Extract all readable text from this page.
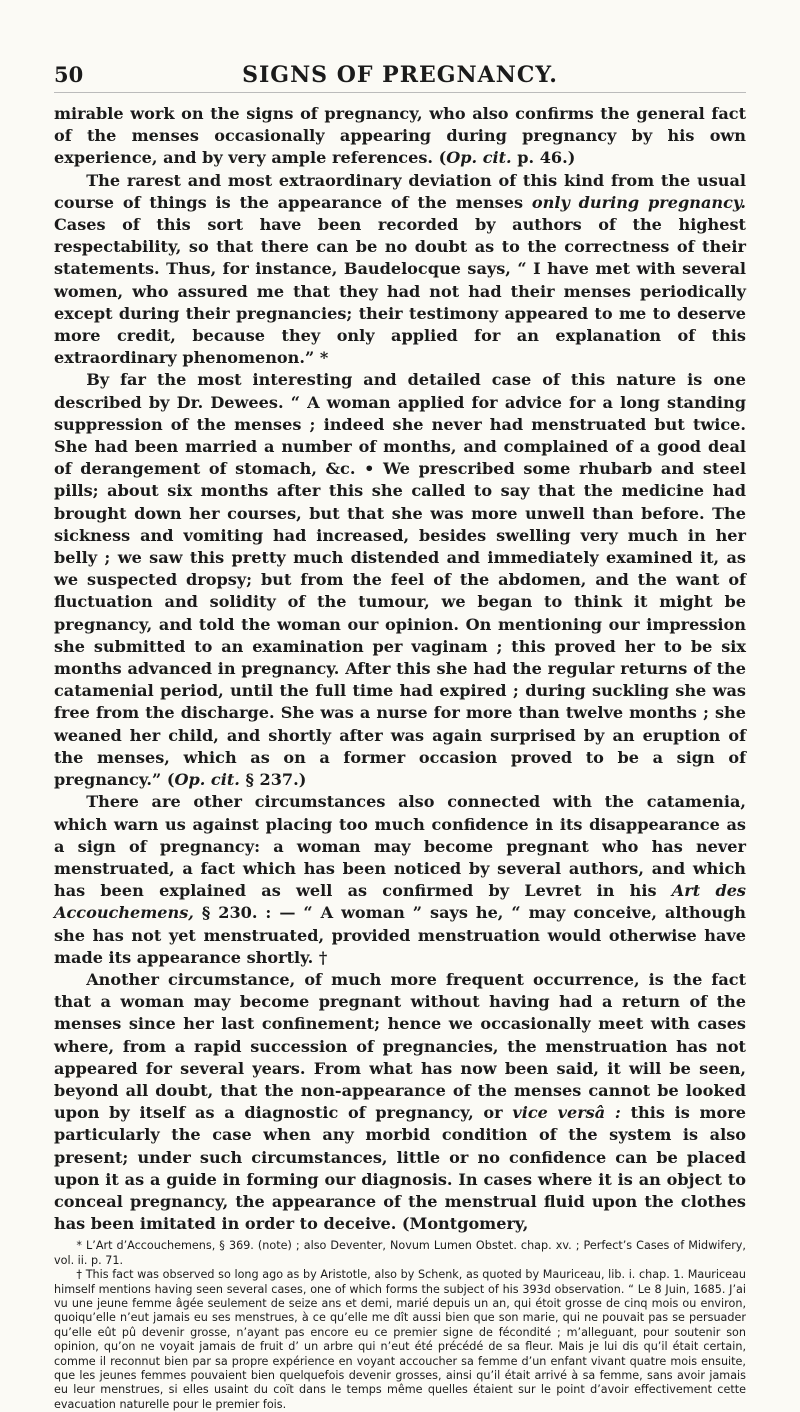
50	SIGNS OF PREGNANCY.

mirable work on the signs of pregnancy, who also confirms the general fact of the menses occasionally appearing during pregnancy by his own experience, and by very ample references. (Op. cit. p. 46.)

The rarest and most extraordinary deviation of this kind from the usual course of things is the appearance of the menses only during pregnancy. Cases of this sort have been recorded by authors of the highest respectability, so that there can be no doubt as to the correctness of their statements. Thus, for instance, Baudelocque says, “ I have met with several women, who assured me that they had not had their menses periodically except during their pregnancies; their testimony appeared to me to deserve more credit, because they only applied for an explanation of this extraordinary phenomenon.” *

By far the most interesting and detailed case of this nature is one described by Dr. Dewees. “ A woman applied for advice for a long standing suppression of the menses ; indeed she never had menstruated but twice. She had been married a number of months, and complained of a good deal of derangement of stomach, &c. • We prescribed some rhubarb and steel pills; about six months after this she called to say that the medicine had brought down her courses, but that she was more unwell than before. The sickness and vomiting had increased, besides swelling very much in her belly ; we saw this pretty much distended and immediately examined it, as we suspected dropsy; but from the feel of the abdomen, and the want of fluctuation and solidity of the tumour, we began to think it might be pregnancy, and told the woman our opinion. On mentioning our impression she submitted to an examination per vaginam ; this proved her to be six months advanced in pregnancy. After this she had the regular returns of the catamenial period, until the full time had expired ; during suckling she was free from the discharge. She was a nurse for more than twelve months ; she weaned her child, and shortly after was again surprised by an eruption of the menses, which as on a former occasion proved to be a sign of pregnancy.” (Op. cit. § 237.)

There are other circumstances also connected with the catamenia, which warn us against placing too much confidence in its disappearance as a sign of pregnancy: a woman may become pregnant who has never menstruated, a fact which has been noticed by several authors, and which has been explained as well as confirmed by Levret in his Art des Accouchemens, § 230. : — “ A woman ” says he, “ may conceive, although she has not yet menstruated, provided menstruation would otherwise have made its appearance shortly. †

Another circumstance, of much more frequent occurrence, is the fact that a woman may become pregnant without having had a return of the menses since her last confinement; hence we occasionally meet with cases where, from a rapid succession of pregnancies, the menstruation has not appeared for several years. From what has now been said, it will be seen, beyond all doubt, that the non-appearance of the menses cannot be looked upon by itself as a diagnostic of pregnancy, or vice versâ : this is more particularly the case when any morbid condition of the system is also present; under such circumstances, little or no confidence can be placed upon it as a guide in forming our diagnosis. In cases where it is an object to conceal pregnancy, the appearance of the menstrual fluid upon the clothes has been imitated in order to deceive. (Montgomery,

* L’Art d’Accouchemens, § 369. (note) ; also Deventer, Novum Lumen Obstet. chap. xv. ; Perfect’s Cases of Midwifery, vol. ii. p. 71.

† This fact was observed so long ago as by Aristotle, also by Schenk, as quoted by Mauriceau, lib. i. chap. 1. Mauriceau himself mentions having seen several cases, one of which forms the subject of his 393d observation. “ Le 8 Juin, 1685. J’ai vu une jeune femme âgée seulement de seize ans et demi, marié depuis un an, qui étoit grosse de cinq mois ou environ, quoiqu’elle n’eut jamais eu ses menstrues, à ce qu’elle me dît aussi bien que son marie, qui ne pouvait pas se persuader qu’elle eût pû devenir grosse, n’ayant pas encore eu ce premier signe de fécondité ; m’alleguant, pour soutenir son opinion, qu’on ne voyait jamais de fruit d’ un arbre qui n’eut été précédé de sa fleur. Mais je lui dis qu’il était certain, comme il reconnut bien par sa propre expérience en voyant accoucher sa femme d’un enfant vivant quatre mois ensuite, que les jeunes femmes pouvaient bien quelquefois devenir grosses, ainsi qu’il était arrivé à sa femme, sans avoir jamais eu leur menstrues, si elles usaint du coït dans le temps même quelles étaient sur le point d’avoir effectivement cette evacuation naturelle pour le premier fois.
